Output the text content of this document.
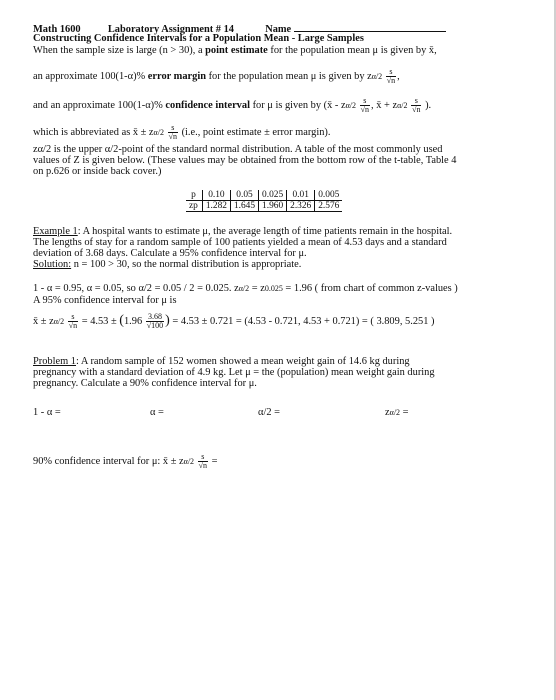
Math 1600	Laboratory Assignment # 14	Name
Constructing Confidence Intervals for a Population Mean - Large Samples
When the sample size is large (n > 30), a point estimate for the population mean μ is given by x̄,
an approximate 100(1-α)% error margin for the population mean μ is given by $z\alpha/2 \frac{s}{√n}$ ,
and an approximate 100(1-α)% confidence interval for μ is given by (x̄ - $z\alpha/2 \frac{s}{√n}$ , x̄ + $z\alpha/2 \frac{s}{√n}$ ).
which is abbreviated as x̄ ± $z\alpha/2 \frac{s}{√n} (i.e$., point estimate ± error margin).
zα/2 is the upper α/2-point of the standard normal distribution. A table of the most commonly used
values of Z is given below. (These values may be obtained from the bottom row of the t-table, Table 4
on p.626 or inside back cover.)
p	0.10	0.05	0.025	0.01	0.005
zp	1.282	1.645	1.960	2.326	2.576
Example 1: A hospital wants to estimate μ, the average length of time patients remain in the hospital.
The lengths of stay for a random sample of 100 patients yielded a mean of 4.53 days and a standard
deviation of 3.68 days. Calculate a 95% confidence interval for μ.
Solution: n = 100 > 30, so the normal distribution is appropriate.
1 - α = 0.95, α = 0.05, so α/2 = 0.05 / 2 = 0.025. zα/2 = z0.025 = 1.96 ( from chart of common z-values )
A 95% confidence interval for μ is
x̄ ± $z\alpha/2 \frac{s}{√n} = 4.53 \pm (1.96 \frac{3.68}{√100}$ ) = 4.53 ± 0.721 = (4.53 - 0.721, 4.53 + 0.721) = ( 3.809, 5.251 )
Problem 1: A random sample of 152 women showed a mean weight gain of 14.6 kg during
pregnancy with a standard deviation of 4.9 kg. Let μ = the (population) mean weight gain during
pregnancy. Calculate a 90% confidence interval for μ.
1 - α =	α =	α/2 =	zα/2 =
90% confidence interval for μ: x̄ ± $z\alpha/2 \frac{s}{√n}$ =
